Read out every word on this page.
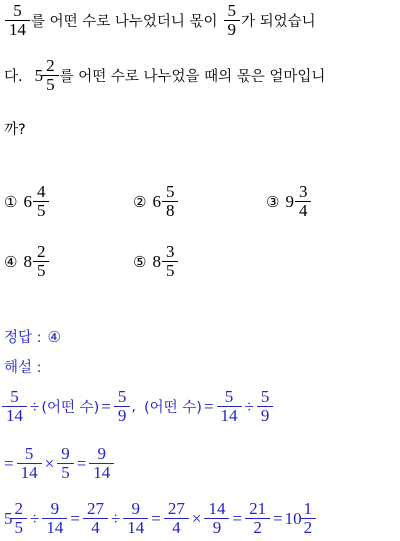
$\frac{5}{14}$ 를 어떤 수로 나누었더니 몫이 $\frac{5}{9}$ 가 되었습니
다. $5 \frac{2}{5}$ 를 어떤 수로 나누었을 때의 몫은 얼마입니
까?
① $6 \frac{4}{5}$	② $6 \frac{5}{8}$	③ $9 \frac{3}{4}$
④ $8 \frac{2}{5}$	⑤ $8 \frac{3}{5}$
정답 : ④
해설 :
$\frac{5}{14}$ ÷ (어떤 수) = $\frac{5}{9}$ , (어떤 수) = $\frac{5}{14} \div \frac{5}{9}$
= $\frac{5}{14} \times \frac{9}{5} = \frac{9}{14}$
$5 \frac{2}{5} \div \frac{9}{14} = \frac{27}{4} \div \frac{9}{14} = \frac{27}{4} \times \frac{14}{9} = \frac{21}{2} = 10 \frac{1}{2}$
